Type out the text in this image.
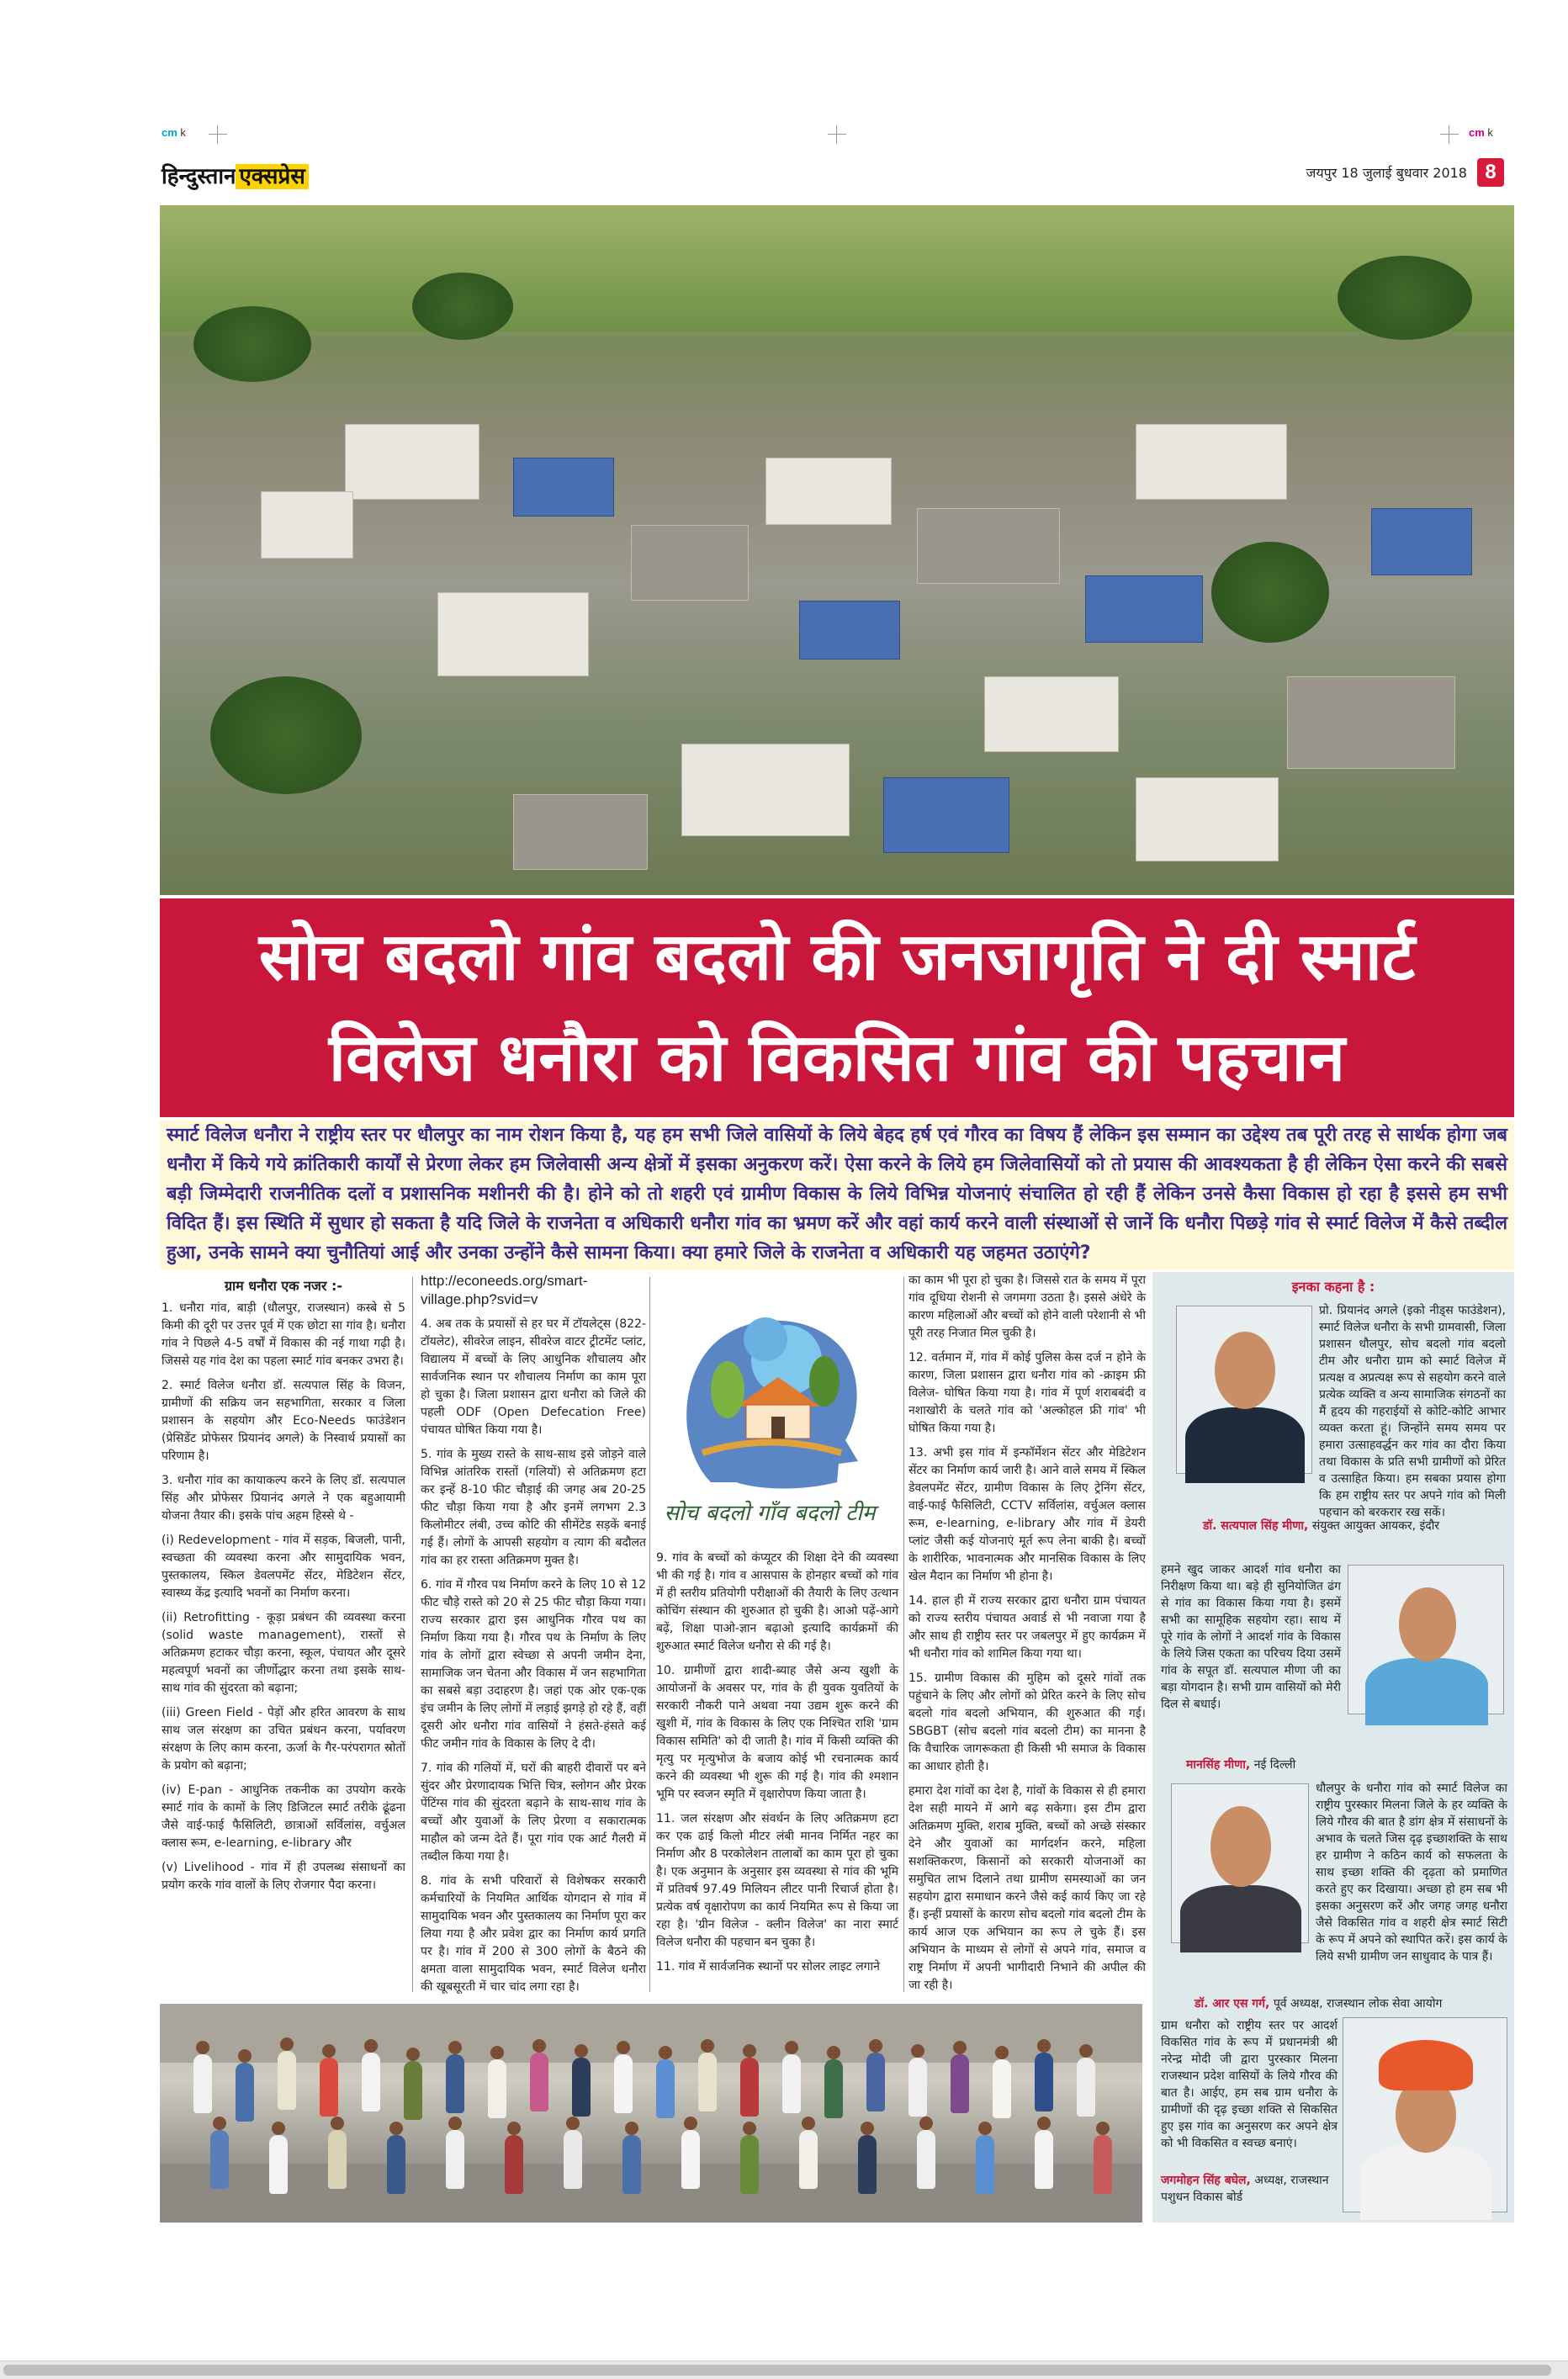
cm k	cm k
हिन्दुस्तान एक्सप्रेस	जयपुर 18 जुलाई बुधवार 2018 8
सोच बदलो गांव बदलो की जनजागृति ने दी स्मार्ट
विलेज धनौरा को विकसित गांव की पहचान
स्मार्ट विलेज धनौरा ने राष्ट्रीय स्तर पर धौलपुर का नाम रोशन किया है, यह हम सभी जिले वासियों के लिये बेहद हर्ष एवं गौरव का विषय हैं लेकिन इस सम्मान का उद्देश्य तब पूरी तरह से सार्थक होगा जब धनौरा में किये गये क्रांतिकारी कार्यों से प्रेरणा लेकर हम जिलेवासी अन्य क्षेत्रों में इसका अनुकरण करें। ऐसा करने के लिये हम जिलेवासियों को तो प्रयास की आवश्यकता है ही लेकिन ऐसा करने की सबसे बड़ी जिम्मेदारी राजनीतिक दलों व प्रशासनिक मशीनरी की है। होने को तो शहरी एवं ग्रामीण विकास के लिये विभिन्न योजनाएं संचालित हो रही हैं लेकिन उनसे कैसा विकास हो रहा है इससे हम सभी विदित हैं। इस स्थिति में सुधार हो सकता है यदि जिले के राजनेता व अधिकारी धनौरा गांव का भ्रमण करें और वहां कार्य करने वाली संस्थाओं से जानें कि धनौरा पिछड़े गांव से स्मार्ट विलेज में कैसे तब्दील हुआ, उनके सामने क्या चुनौतियां आई और उनका उन्होंने कैसे सामना किया। क्या हमारे जिले के राजनेता व अधिकारी यह जहमत उठाएंगे?
ग्राम धनौरा एक नजर :-

1. धनौरा गांव, बाड़ी (धौलपुर, राजस्थान) कस्बे से 5 किमी की दूरी पर उत्तर पूर्व में एक छोटा सा गांव है। धनौरा गांव ने पिछले 4-5 वर्षों में विकास की नई गाथा गढ़ी है। जिससे यह गांव देश का पहला स्मार्ट गांव बनकर उभरा है।

2. स्मार्ट विलेज धनौरा डॉ. सत्यपाल सिंह के विजन, ग्रामीणों की सक्रिय जन सहभागिता, सरकार व जिला प्रशासन के सहयोग और Eco-Needs फाउंडेशन (प्रेसिडेंट प्रोफेसर प्रियानंद अगले) के निस्वार्थ प्रयासों का परिणाम है।

3. धनौरा गांव का कायाकल्प करने के लिए डॉ. सत्यपाल सिंह और प्रोफेसर प्रियानंद अगले ने एक बहुआयामी योजना तैयार की। इसके पांच अहम हिस्से थे -

(i) Redevelopment - गांव में सड़क, बिजली, पानी, स्वच्छता की व्यवस्था करना और सामुदायिक भवन, पुस्तकालय, स्किल डेवलपमेंट सेंटर, मेडिटेशन सेंटर, स्वास्थ्य केंद्र इत्यादि भवनों का निर्माण करना।

(ii) Retrofitting - कूड़ा प्रबंधन की व्यवस्था करना (solid waste management), रास्तों से अतिक्रमण हटाकर चौड़ा करना, स्कूल, पंचायत और दूसरे महत्वपूर्ण भवनों का जीर्णोद्धार करना तथा इसके साथ-साथ गांव की सुंदरता को बढ़ाना;

(iii) Green Field - पेड़ों और हरित आवरण के साथ साथ जल संरक्षण का उचित प्रबंधन करना, पर्यावरण संरक्षण के लिए काम करना, ऊर्जा के गैर-परंपरागत स्रोतों के प्रयोग को बढ़ाना;

(iv) E-pan - आधुनिक तकनीक का उपयोग करके स्मार्ट गांव के कामों के लिए डिजिटल स्मार्ट तरीके ढूंढना जैसे वाई-फाई फैसिलिटी, छात्राओं सर्विलांस, वर्चुअल क्लास रूम, e-learning, e-library और

(v) Livelihood - गांव में ही उपलब्ध संसाधनों का प्रयोग करके गांव वालों के लिए रोजगार पैदा करना।

http://econeeds.org/smart-village.php?svid=v

4. अब तक के प्रयासों से हर घर में टॉयलेट्स (822-टॉयलेट), सीवरेज लाइन, सीवरेज वाटर ट्रीटमेंट प्लांट, विद्यालय में बच्चों के लिए आधुनिक शौचालय और सार्वजनिक स्थान पर शौचालय निर्माण का काम पूरा हो चुका है। जिला प्रशासन द्वारा धनौरा को जिले की पहली ODF (Open Defecation Free) पंचायत घोषित किया गया है।

5. गांव के मुख्य रास्ते के साथ-साथ इसे जोड़ने वाले विभिन्न आंतरिक रास्तों (गलियों) से अतिक्रमण हटा कर इन्हें 8-10 फीट चौड़ाई की जगह अब 20-25 फीट चौड़ा किया गया है और इनमें लगभग 2.3 किलोमीटर लंबी, उच्च कोटि की सीमेंटेड सड़कें बनाई गई हैं। लोगों के आपसी सहयोग व त्याग की बदौलत गांव का हर रास्ता अतिक्रमण मुक्त है।

6. गांव में गौरव पथ निर्माण करने के लिए 10 से 12 फीट चौड़े रास्ते को 20 से 25 फीट चौड़ा किया गया। राज्य सरकार द्वारा इस आधुनिक गौरव पथ का निर्माण किया गया है। गौरव पथ के निर्माण के लिए गांव के लोगों द्वारा स्वेच्छा से अपनी जमीन देना, सामाजिक जन चेतना और विकास में जन सहभागिता का सबसे बड़ा उदाहरण है। जहां एक ओर एक-एक इंच जमीन के लिए लोगों में लड़ाई झगड़े हो रहे हैं, वहीं दूसरी ओर धनौरा गांव वासियों ने हंसते-हंसते कई फीट जमीन गांव के विकास के लिए दे दी।

7. गांव की गलियों में, घरों की बाहरी दीवारों पर बने सुंदर और प्रेरणादायक भित्ति चित्र, स्लोगन और प्रेरक पेंटिंग्स गांव की सुंदरता बढ़ाने के साथ-साथ गांव के बच्चों और युवाओं के लिए प्रेरणा व सकारात्मक माहौल को जन्म देते हैं। पूरा गांव एक आर्ट गैलरी में तब्दील किया गया है।

8. गांव के सभी परिवारों से विशेषकर सरकारी कर्मचारियों के नियमित आर्थिक योगदान से गांव में सामुदायिक भवन और पुस्तकालय का निर्माण पूरा कर लिया गया है और प्रवेश द्वार का निर्माण कार्य प्रगति पर है। गांव में 200 से 300 लोगों के बैठने की क्षमता वाला सामुदायिक भवन, स्मार्ट विलेज धनौरा की खूबसूरती में चार चांद लगा रहा है।

सोच बदलो गाँव बदलो टीम

9. गांव के बच्चों को कंप्यूटर की शिक्षा देने की व्यवस्था भी की गई है। गांव व आसपास के होनहार बच्चों को गांव में ही स्तरीय प्रतियोगी परीक्षाओं की तैयारी के लिए उत्थान कोचिंग संस्थान की शुरुआत हो चुकी है। आओ पढ़ें-आगे बढ़ें, शिक्षा पाओ-ज्ञान बढ़ाओ इत्यादि कार्यक्रमों की शुरुआत स्मार्ट विलेज धनौरा से की गई है।

10. ग्रामीणों द्वारा शादी-ब्याह जैसे अन्य खुशी के आयोजनों के अवसर पर, गांव के ही युवक युवतियों के सरकारी नौकरी पाने अथवा नया उद्यम शुरू करने की खुशी में, गांव के विकास के लिए एक निश्चित राशि 'ग्राम विकास समिति' को दी जाती है। गांव में किसी व्यक्ति की मृत्यु पर मृत्युभोज के बजाय कोई भी रचनात्मक कार्य करने की व्यवस्था भी शुरू की गई है। गांव की श्मशान भूमि पर स्वजन स्मृति में वृक्षारोपण किया जाता है।

11. जल संरक्षण और संवर्धन के लिए अतिक्रमण हटा कर एक ढाई किलो मीटर लंबी मानव निर्मित नहर का निर्माण और 8 परकोलेशन तालाबों का काम पूरा हो चुका है। एक अनुमान के अनुसार इस व्यवस्था से गांव की भूमि में प्रतिवर्ष 97.49 मिलियन लीटर पानी रिचार्ज होता है। प्रत्येक वर्ष वृक्षारोपण का कार्य नियमित रूप से किया जा रहा है। 'ग्रीन विलेज - क्लीन विलेज' का नारा स्मार्ट विलेज धनौरा की पहचान बन चुका है।

11. गांव में सार्वजनिक स्थानों पर सोलर लाइट लगाने

का काम भी पूरा हो चुका है। जिससे रात के समय में पूरा गांव दूधिया रोशनी से जगमगा उठता है। इससे अंधेरे के कारण महिलाओं और बच्चों को होने वाली परेशानी से भी पूरी तरह निजात मिल चुकी है।

12. वर्तमान में, गांव में कोई पुलिस केस दर्ज न होने के कारण, जिला प्रशासन द्वारा धनौरा गांव को -क्राइम फ्री विलेज- घोषित किया गया है। गांव में पूर्ण शराबबंदी व नशाखोरी के चलते गांव को 'अल्कोहल फ्री गांव' भी घोषित किया गया है।

13. अभी इस गांव में इन्फॉर्मेशन सेंटर और मेडिटेशन सेंटर का निर्माण कार्य जारी है। आने वाले समय में स्किल डेवलपमेंट सेंटर, ग्रामीण विकास के लिए ट्रेनिंग सेंटर, वाई-फाई फैसिलिटी, CCTV सर्विलांस, वर्चुअल क्लास रूम, e-learning, e-library और गांव में डेयरी प्लांट जैसी कई योजनाएं मूर्त रूप लेना बाकी है। बच्चों के शारीरिक, भावनात्मक और मानसिक विकास के लिए खेल मैदान का निर्माण भी होना है।

14. हाल ही में राज्य सरकार द्वारा धनौरा ग्राम पंचायत को राज्य स्तरीय पंचायत अवार्ड से भी नवाजा गया है और साथ ही राष्ट्रीय स्तर पर जबलपुर में हुए कार्यक्रम में भी धनौरा गांव को शामिल किया गया था।

15. ग्रामीण विकास की मुहिम को दूसरे गांवों तक पहुंचाने के लिए और लोगों को प्रेरित करने के लिए सोच बदलो गांव बदलो अभियान, की शुरुआत की गई। SBGBT (सोच बदलो गांव बदलो टीम) का मानना है कि वैचारिक जागरूकता ही किसी भी समाज के विकास का आधार होती है।

हमारा देश गांवों का देश है, गांवों के विकास से ही हमारा देश सही मायने में आगे बढ़ सकेगा। इस टीम द्वारा अतिक्रमण मुक्ति, शराब मुक्ति, बच्चों को अच्छे संस्कार देने और युवाओं का मार्गदर्शन करने, महिला सशक्तिकरण, किसानों को सरकारी योजनाओं का समुचित लाभ दिलाने तथा ग्रामीण समस्याओं का जन सहयोग द्वारा समाधान करने जैसे कई कार्य किए जा रहे हैं। इन्हीं प्रयासों के कारण सोच बदलो गांव बदलो टीम के कार्य आज एक अभियान का रूप ले चुके हैं। इस अभियान के माध्यम से लोगों से अपने गांव, समाज व राष्ट्र निर्माण में अपनी भागीदारी निभाने की अपील की जा रही है।

इनका कहना है :
प्रो. प्रियानंद अगले (इको नीड्स फाउंडेशन), स्मार्ट विलेज धनौरा के सभी ग्रामवासी, जिला प्रशासन धौलपुर, सोच बदलो गांव बदलो टीम और धनौरा ग्राम को स्मार्ट विलेज में प्रत्यक्ष व अप्रत्यक्ष रूप से सहयोग करने वाले प्रत्येक व्यक्ति व अन्य सामाजिक संगठनों का मैं हृदय की गहराईयों से कोटि-कोटि आभार व्यक्त करता हूं। जिन्होंने समय समय पर हमारा उत्साहवर्द्धन कर गांव का दौरा किया तथा विकास के प्रति सभी ग्रामीणों को प्रेरित व उत्साहित किया। हम सबका प्रयास होगा कि हम राष्ट्रीय स्तर पर अपने गांव को मिली पहचान को बरकरार रख सकें।
डॉ. सत्यपाल सिंह मीणा, संयुक्त आयुक्त आयकर, इंदौर
हमने खुद जाकर आदर्श गांव धनौरा का निरीक्षण किया था। बड़े ही सुनियोजित ढंग से गांव का विकास किया गया है। इसमें सभी का सामूहिक सहयोग रहा। साथ में पूरे गांव के लोगों ने आदर्श गांव के विकास के लिये जिस एकता का परिचय दिया उसमें गांव के सपूत डॉ. सत्यपाल मीणा जी का बड़ा योगदान है। सभी ग्राम वासियों को मेरी दिल से बधाई।
मानसिंह मीणा, नई दिल्ली
धौलपुर के धनौरा गांव को स्मार्ट विलेज का राष्ट्रीय पुरस्कार मिलना जिले के हर व्यक्ति के लिये गौरव की बात है डांग क्षेत्र में संसाधनों के अभाव के चलते जिस दृढ़ इच्छाशक्ति के साथ हर ग्रामीण ने कठिन कार्य को सफलता के साथ इच्छा शक्ति की दृढ़ता को प्रमाणित करते हुए कर दिखाया। अच्छा हो हम सब भी इसका अनुसरण करें और जगह जगह धनौरा जैसे विकसित गांव व शहरी क्षेत्र स्मार्ट सिटी के रूप में अपने को स्थापित करें। इस कार्य के लिये सभी ग्रामीण जन साधुवाद के पात्र हैं।
डॉ. आर एस गर्ग, पूर्व अध्यक्ष, राजस्थान लोक सेवा आयोग
ग्राम धनौरा को राष्ट्रीय स्तर पर आदर्श विकसित गांव के रूप में प्रधानमंत्री श्री नरेन्द्र मोदी जी द्वारा पुरस्कार मिलना राजस्थान प्रदेश वासियों के लिये गौरव की बात है। आईए, हम सब ग्राम धनौरा के ग्रामीणों की दृढ़ इच्छा शक्ति से सिकसित हुए इस गांव का अनुसरण कर अपने क्षेत्र को भी विकसित व स्वच्छ बनाएं।
जगमोहन सिंह बघेल, अध्यक्ष, राजस्थान पशुधन विकास बोर्ड
